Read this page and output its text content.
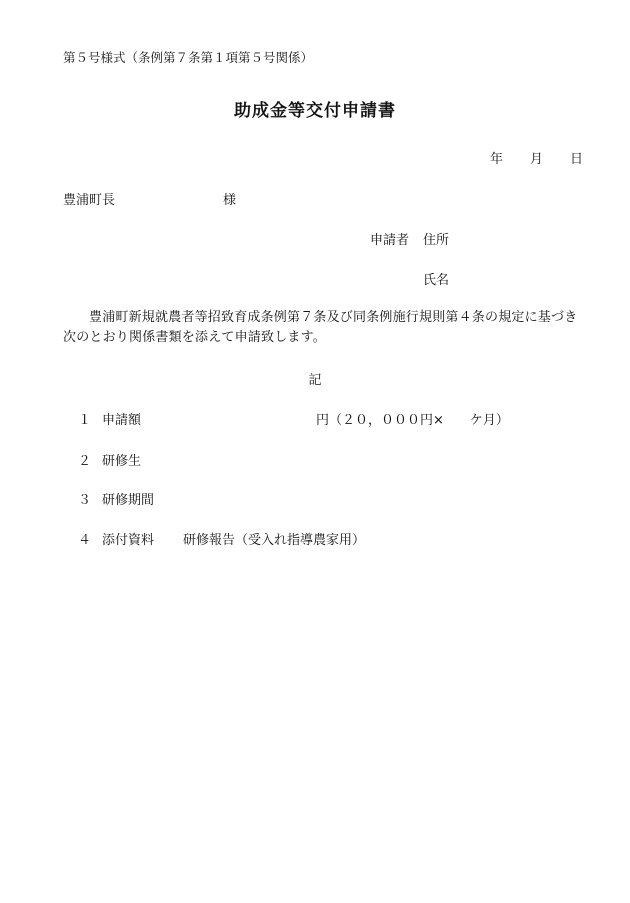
第５号様式（条例第７条第１項第５号関係）
助成金等交付申請書
年 月 日
豊浦町長	様
申請者 住所
氏名
豊浦町新規就農者等招致育成条例第７条及び同条例施行規則第４条の規定に基づき次のとおり関係書類を添えて申請致します。
記
１ 申請額	円（２０，０００円×　　ケ月）
２ 研修生
３ 研修期間
４ 添付資料 研修報告（受入れ指導農家用）
